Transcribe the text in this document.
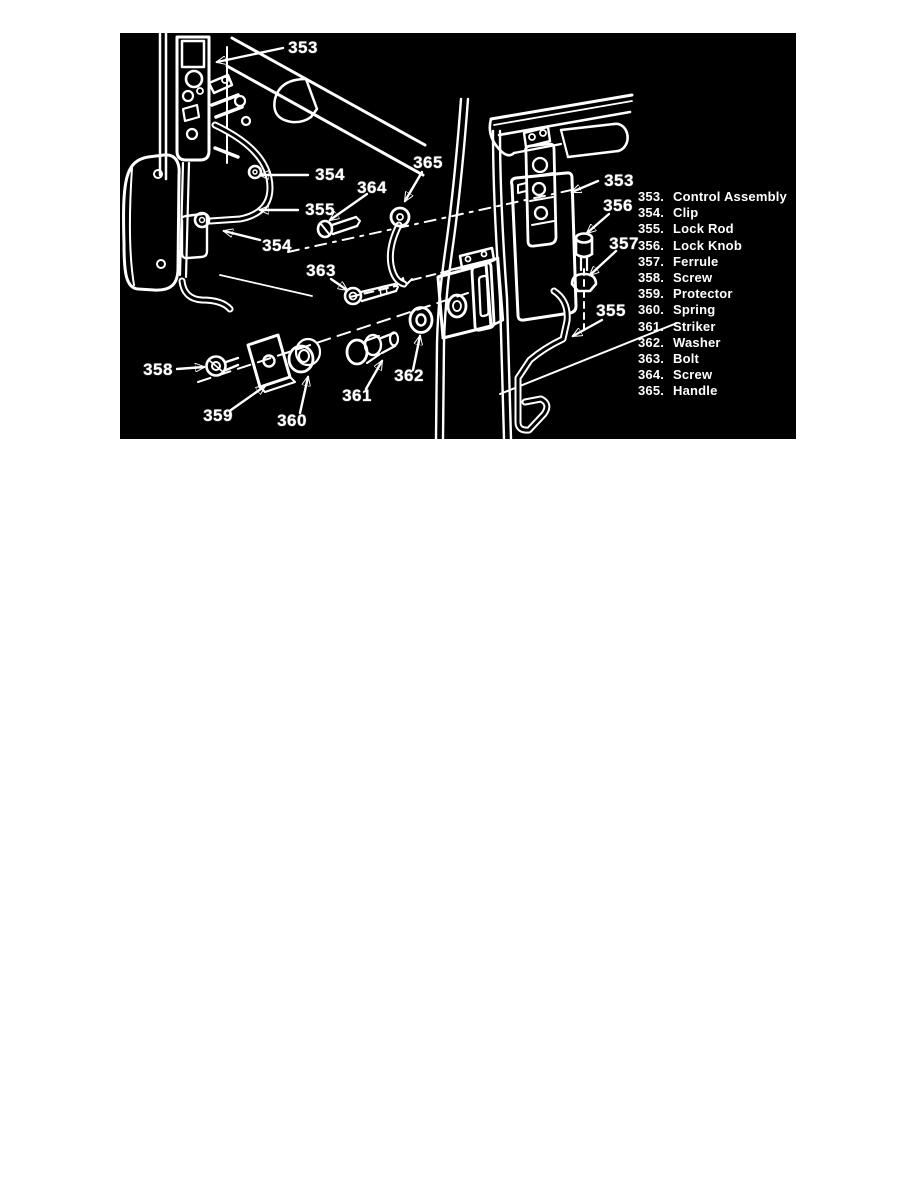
353
354
355
354
364
365
363
353
356
357
355
358
359	360
361
362
353. Control Assembly
354. Clip
355. Lock Rod
356. Lock Knob
357. Ferrule
358. Screw
359. Protector
360. Spring
361. Striker
362. Washer
363. Bolt
364. Screw
365. Handle
